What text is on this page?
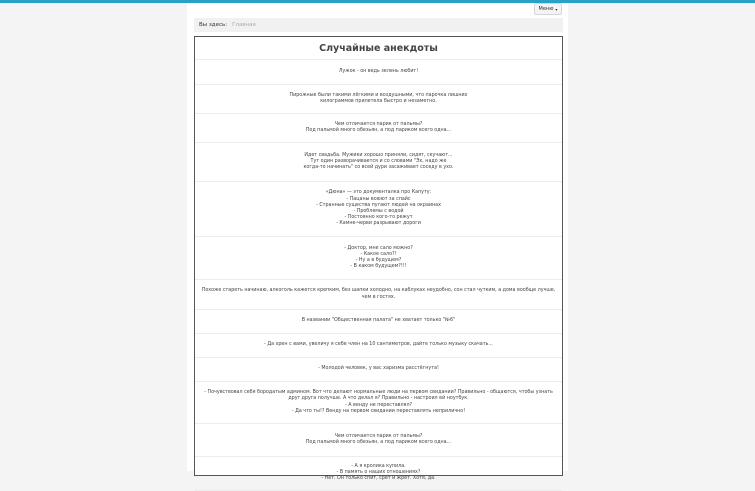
Меню ▾
Вы здесь: Главная
Случайные анекдоты
Лужок - он ведь зелень любит!
Пирожные были такими лёгкими и воздушными, что парочка лишних
килограммов прилетела быстро и незаметно.
Чем отличается парик от пальмы?
Под пальмой много обезьян, а под париком всего одна...
Идет свадьба. Мужики хорошо приняли, сидят, скучают...
Тут один разворачивается и со словами "Эх, надо же
когда-то начинать" со всей дури засаживает соседу в ухо.
«Дюна» — это документалка про Капуту:
- Пацаны воюют за спайс
- Странные существа пугают людей на окраинах
- Проблемы с водой
- Постоянно кого-то режут
- Камне-черви разрывают дороги
- Доктор, мне сало можно?
- Какое сало?!
- Ну а в будущем?
- В каком будущем?!!!
Похоже стареть начинаю, алкоголь кажется крепким, без шапки холодно, на каблуках неудобно, сон стал чутким, а дома вообще лучше, чем в гостях.
В названии "Общественная палата" не хватает только "№6"
- Да хрен с вами, увеличу я себе член на 10 сантиметров, дайте только музыку скачать...
- Молодой человек, у вас харизма расстёгнута!
- Почувствовал себя бородатым админом. Вот что делают нормальные люди на первом свидании? Правильно - общаются, чтобы узнать друг друга получше. А что делал я? Правильно - настроил ей ноутбук.
- А венду не переставлял?
- Да что ты!? Венду на первом свидании переставлять неприлично!
Чем отличается парик от пальмы?
Под пальмой много обезьян, а под париком всего одна...
- А я кролика купила.
- В память о наших отношениях?
- Нет. Он только спит, срёт и жрёт. Хотя, да.
